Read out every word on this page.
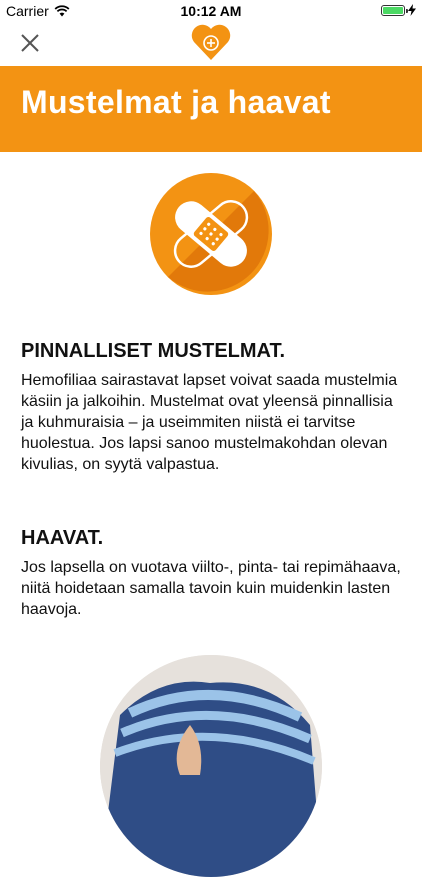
Carrier	10:12 AM
Mustelmat ja haavat
PINNALLISET MUSTELMAT.

Hemofiliaa sairastavat lapset voivat saada mustelmia käsiin ja jalkoihin. Mustelmat ovat yleensä pinnallisia ja kuhmuraisia – ja useimmiten niistä ei tarvitse huolestua. Jos lapsi sanoo mustelmakohdan olevan kivulias, on syytä valpastua.

HAAVAT.

Jos lapsella on vuotava viilto-, pinta- tai repimähaava, niitä hoidetaan samalla tavoin kuin muidenkin lasten haavoja.
